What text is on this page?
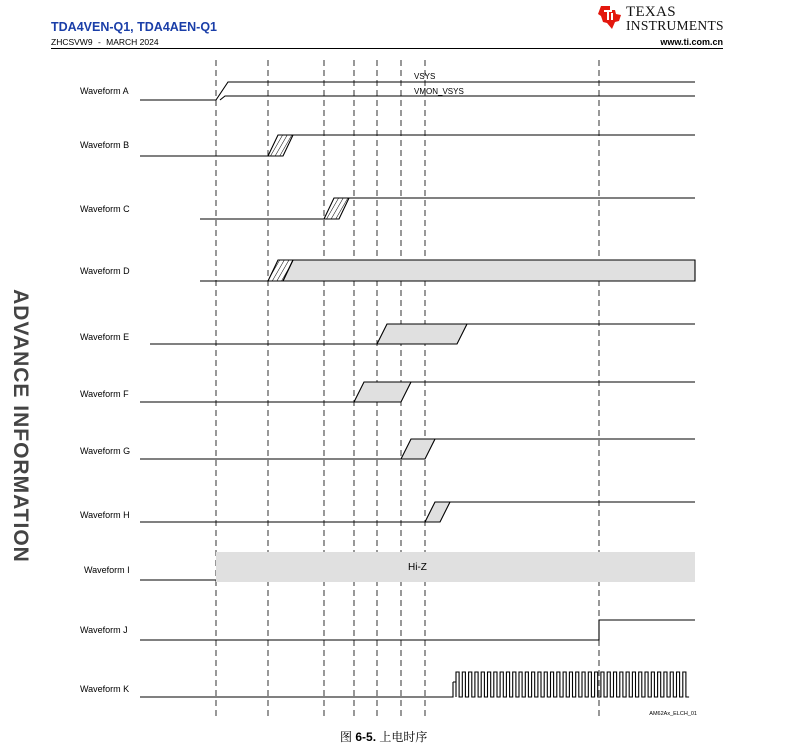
TDA4VEN-Q1, TDA4AEN-Q1
ZHCSVW9 - MARCH 2024	www.ti.com.cn
TEXAS
INSTRUMENTS
ADVANCE INFORMATION
Waveform A
Waveform B
Waveform C
Waveform D
Waveform E
Waveform F
Waveform G
Waveform H
Waveform I
Waveform J
Waveform K
VSYS
VMON_VSYS
Hi-Z
AM62Ax_ELCH_01
图 6-5. 上电时序
